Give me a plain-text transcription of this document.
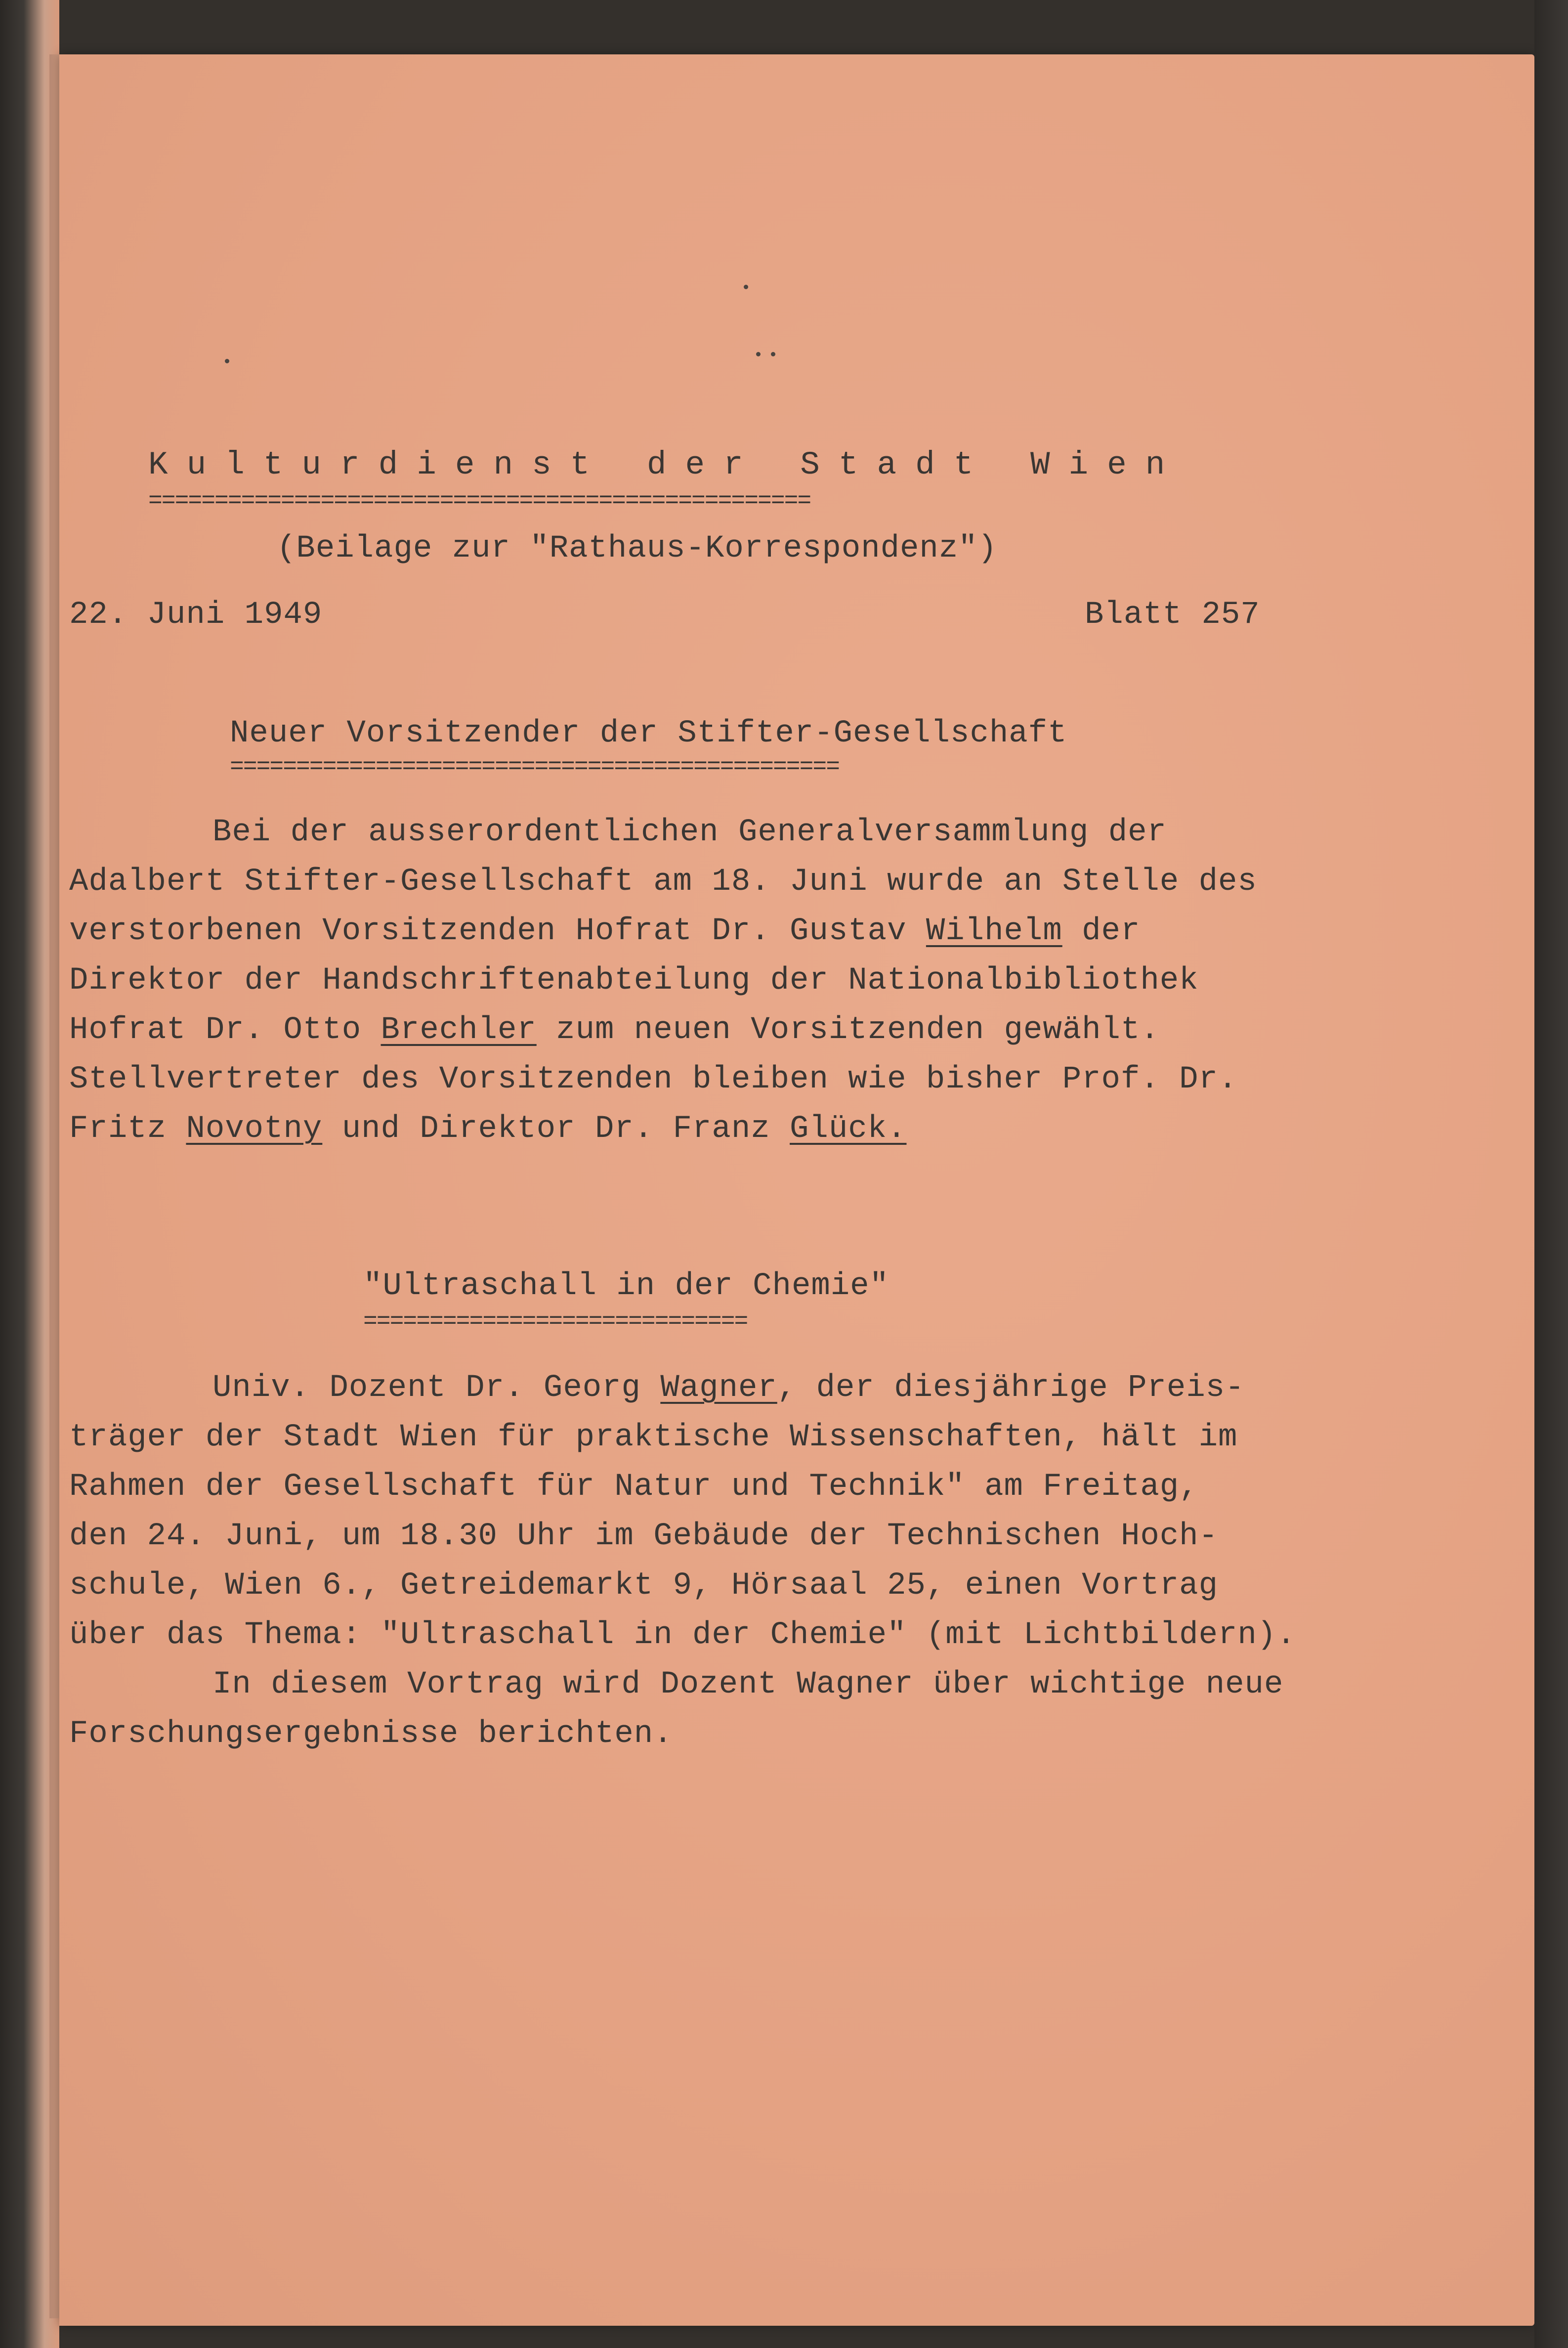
Kulturdienst der Stadt Wien
==================================================
(Beilage zur "Rathaus-Korrespondenz")
22. Juni 1949	Blatt 257
Neuer Vorsitzender der Stifter-Gesellschaft
==============================================
Bei der ausserordentlichen Generalversammlung der
Adalbert Stifter-Gesellschaft am 18. Juni wurde an Stelle des
verstorbenen Vorsitzenden Hofrat Dr. Gustav Wilhelm der
Direktor der Handschriftenabteilung der Nationalbibliothek
Hofrat Dr. Otto Brechler zum neuen Vorsitzenden gewählt.
Stellvertreter des Vorsitzenden bleiben wie bisher Prof. Dr.
Fritz Novotny und Direktor Dr. Franz Glück.
"Ultraschall in der Chemie"
=============================
Univ. Dozent Dr. Georg Wagner, der diesjährige Preis-
träger der Stadt Wien für praktische Wissenschaften, hält im
Rahmen der Gesellschaft für Natur und Technik" am Freitag,
den 24. Juni, um 18.30 Uhr im Gebäude der Technischen Hoch-
schule, Wien 6., Getreidemarkt 9, Hörsaal 25, einen Vortrag
über das Thema: "Ultraschall in der Chemie" (mit Lichtbildern).
In diesem Vortrag wird Dozent Wagner über wichtige neue
Forschungsergebnisse berichten.
